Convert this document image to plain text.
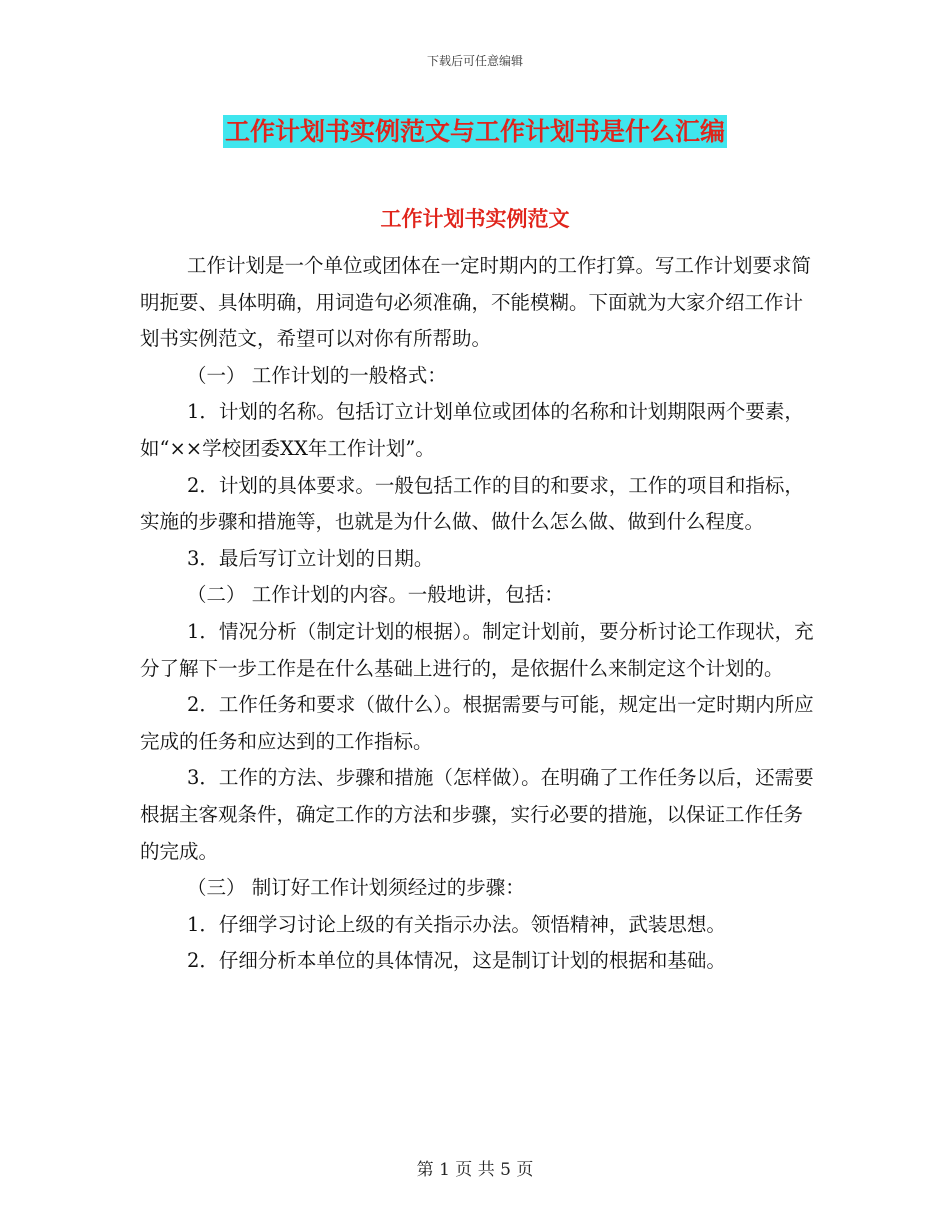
下载后可任意编辑
工作计划书实例范文与工作计划书是什么汇编
工作计划书实例范文

工作计划是一个单位或团体在一定时期内的工作打算。写工作计划要求简明扼要、具体明确，用词造句必须准确，不能模糊。下面就为大家介绍工作计划书实例范文，希望可以对你有所帮助。

（一） 工作计划的一般格式：

1．计划的名称。包括订立计划单位或团体的名称和计划期限两个要素，如“××学校团委XX年工作计划”。

2．计划的具体要求。一般包括工作的目的和要求，工作的项目和指标，实施的步骤和措施等，也就是为什么做、做什么怎么做、做到什么程度。

3．最后写订立计划的日期。

（二） 工作计划的内容。一般地讲，包括：

1．情况分析（制定计划的根据）。制定计划前，要分析讨论工作现状，充分了解下一步工作是在什么基础上进行的，是依据什么来制定这个计划的。

2．工作任务和要求（做什么）。根据需要与可能，规定出一定时期内所应完成的任务和应达到的工作指标。

3．工作的方法、步骤和措施（怎样做）。在明确了工作任务以后，还需要根据主客观条件，确定工作的方法和步骤，实行必要的措施，以保证工作任务的完成。

（三） 制订好工作计划须经过的步骤：

1．仔细学习讨论上级的有关指示办法。领悟精神，武装思想。

2．仔细分析本单位的具体情况，这是制订计划的根据和基础。

第 1 页 共 5 页
